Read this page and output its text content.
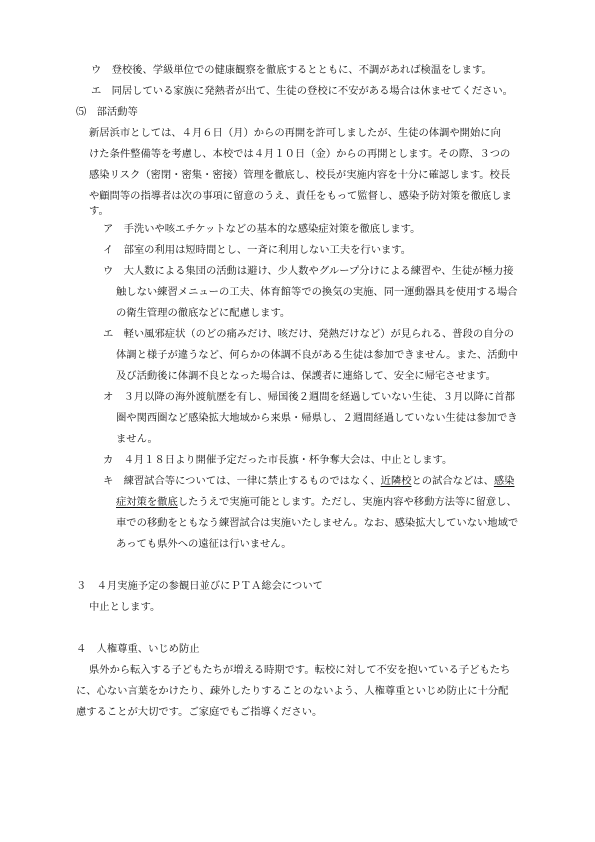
ウ　登校後、学級単位での健康観察を徹底するとともに、不調があれば検温をします。
エ　同居している家族に発熱者が出て、生徒の登校に不安がある場合は休ませてください。
⑸　部活動等
新居浜市としては、４月６日（月）からの再開を許可しましたが、生徒の体調や開始に向
けた条件整備等を考慮し、本校では４月１０日（金）からの再開とします。その際、３つの
感染リスク（密閉・密集・密接）管理を徹底し、校長が実施内容を十分に確認します。校長
や顧問等の指導者は次の事項に留意のうえ、責任をもって監督し、感染予防対策を徹底しま
す。
ア　手洗いや咳エチケットなどの基本的な感染症対策を徹底します。
イ　部室の利用は短時間とし、一斉に利用しない工夫を行います。
ウ　大人数による集団の活動は避け、少人数やグループ分けによる練習や、生徒が極力接
触しない練習メニューの工夫、体育館等での換気の実施、同一運動器具を使用する場合
の衛生管理の徹底などに配慮します。
エ　軽い風邪症状（のどの痛みだけ、咳だけ、発熱だけなど）が見られる、普段の自分の
体調と様子が違うなど、何らかの体調不良がある生徒は参加できません。また、活動中
及び活動後に体調不良となった場合は、保護者に連絡して、安全に帰宅させます。
オ　３月以降の海外渡航歴を有し、帰国後２週間を経過していない生徒、３月以降に首都
圏や関西圏など感染拡大地域から来県・帰県し、２週間経過していない生徒は参加でき
ません。
カ　４月１８日より開催予定だった市長旗・杯争奪大会は、中止とします。
キ　練習試合等については、一律に禁止するものではなく、近隣校との試合などは、感染
症対策を徹底したうえで実施可能とします。ただし、実施内容や移動方法等に留意し、
車での移動をともなう練習試合は実施いたしません。なお、感染拡大していない地域で
あっても県外への遠征は行いません。
３　４月実施予定の参観日並びにＰＴＡ総会について
中止とします。
４　人権尊重、いじめ防止
県外から転入する子どもたちが増える時期です。転校に対して不安を抱いている子どもたち
に、心ない言葉をかけたり、疎外したりすることのないよう、人権尊重といじめ防止に十分配
慮することが大切です。ご家庭でもご指導ください。
